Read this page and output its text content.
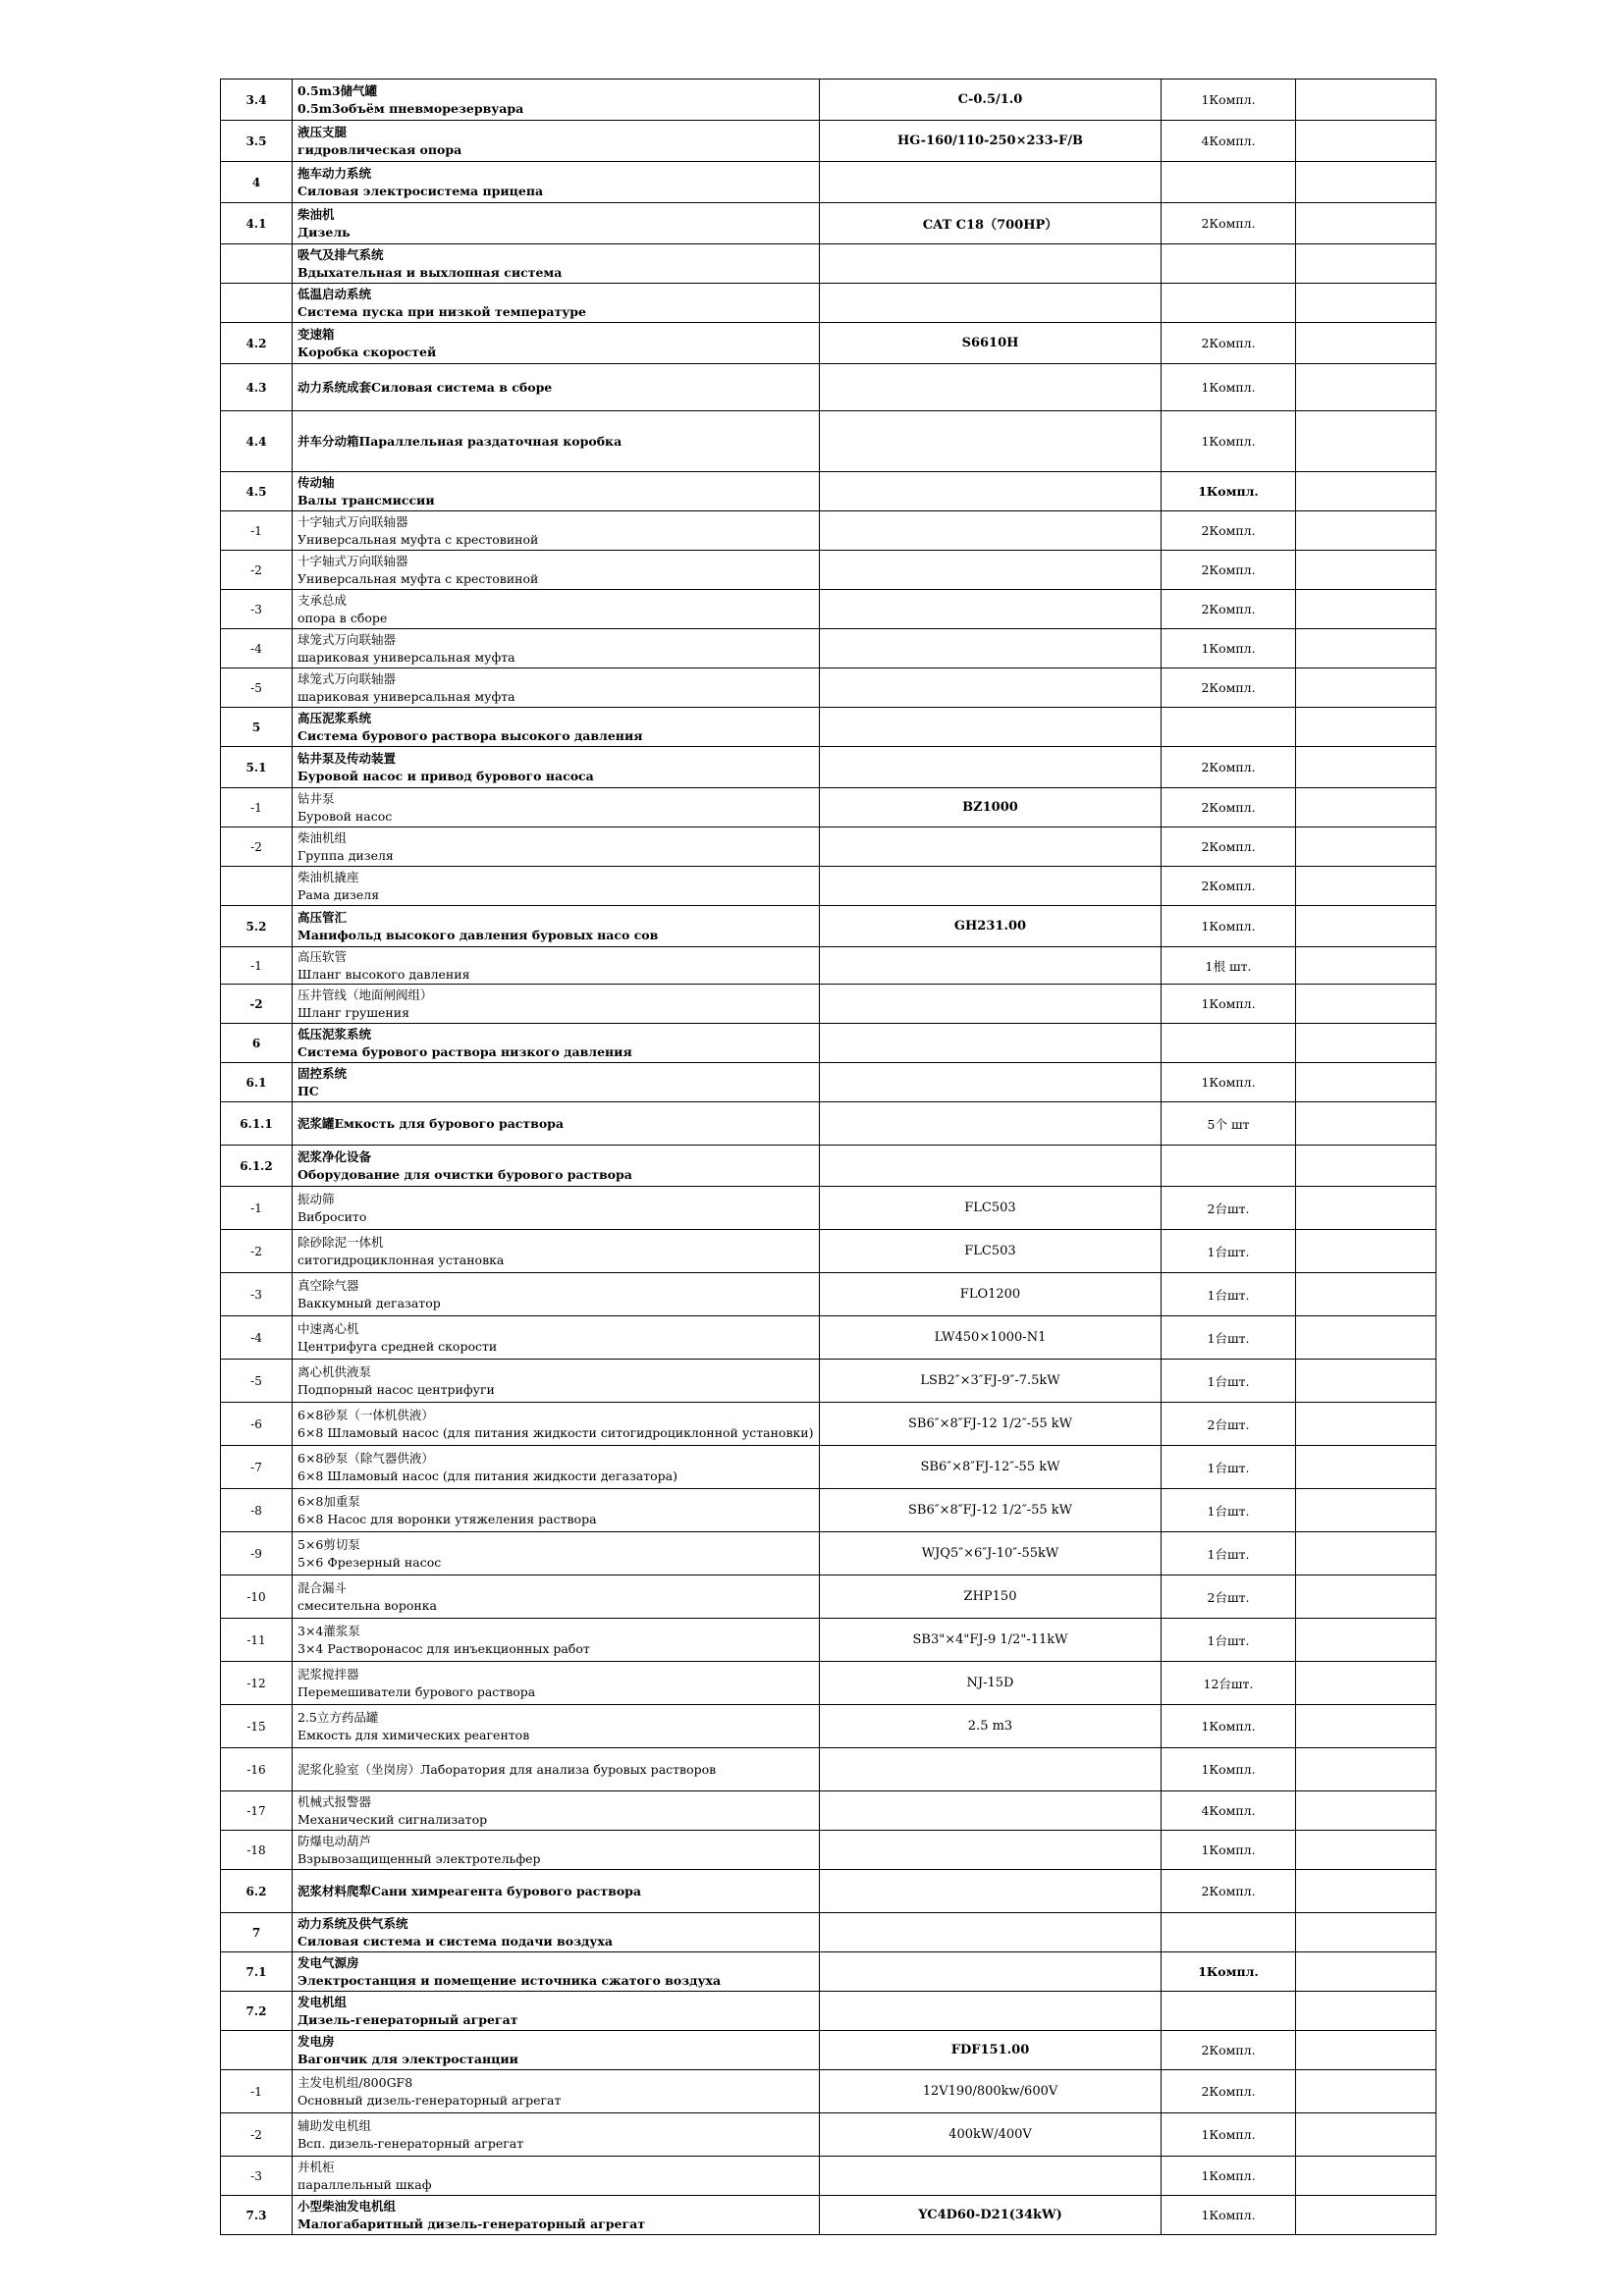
3.4	0.5m3储气罐
0.5m3объём пневморезервуара	C-0.5/1.0	1Компл.	
3.5	液压支腿
гидровлическая опора	HG-160/110-250×233-F/B	4Компл.	
4	拖车动力系统
Силовая электросистема прицепа			

4.1	柴油机
Дизель	CAT C18（700HP）	2Компл.	

	吸气及排气系统
Вдыхательная и выхлопная система			

	低温启动系统
Система пуска при низкой температуре			

4.2	变速箱
Коробка скоростей	S6610H	2Компл.	
4.3	动力系统成套Силовая система в сборе		1Компл.	
4.4	并车分动箱Параллельная раздаточная коробка		1Компл.	
4.5	传动轴
Валы трансмиссии		1Компл.	
-1	十字轴式万向联轴器
Универсальная муфта с крестовиной		2Компл.	
-2	十字轴式万向联轴器
Универсальная муфта с крестовиной		2Компл.	
-3	支承总成
опора в сборе		2Компл.	
-4	球笼式万向联轴器
шариковая универсальная муфта		1Компл.	
-5	球笼式万向联轴器
шариковая универсальная муфта		2Компл.	
5	高压泥浆系统
Система бурового раствора высокого давления			

5.1	钻井泵及传动装置
Буровой насос и привод бурового насоса		2Компл.	
-1	钻井泵
Буровой насос	BZ1000	2Компл.	
-2	柴油机组
Группа дизеля		2Компл.	

	柴油机撬座
Рама дизеля		2Компл.	
5.2	高压管汇
Манифольд высокого давления буровых насо сов	GH231.00	1Компл.	
-1	高压软管
Шланг высокого давления		1根 шт.	
-2	压井管线（地面闸阀组）
Шланг грушения		1Компл.	
6	低压泥浆系统
Система бурового раствора низкого давления			

6.1	固控系统
ПС		1Компл.	
6.1.1	泥浆罐Емкость для бурового раствора		5个 шт	
6.1.2	泥浆净化设备
Оборудование для очистки бурового раствора			

-1	振动筛
Вибросито	FLC503	2台шт.	
-2	除砂除泥一体机
ситогидроциклонная установка	FLC503	1台шт.	
-3	真空除气器
Ваккумный дегазатор	FLO1200	1台шт.	
-4	中速离心机
Центрифуга средней скорости	LW450×1000-N1	1台шт.	
-5	离心机供液泵
Подпорный насос центрифуги	LSB2″×3″FJ-9″-7.5kW	1台шт.	
-6	6×8砂泵（一体机供液）
6×8 Шламовый насос (для питания жидкости ситогидроциклонной установки)	SB6″×8″FJ-12 1/2″-55 kW	2台шт.	
-7	6×8砂泵（除气器供液）
6×8 Шламовый насос (для питания жидкости дегазатора)	SB6″×8″FJ-12″-55 kW	1台шт.	
-8	6×8加重泵
6×8 Насос для воронки утяжеления раствора	SB6″×8″FJ-12 1/2″-55 kW	1台шт.	
-9	5×6剪切泵
5×6 Фрезерный насос	WJQ5″×6″J-10″-55kW	1台шт.	
-10	混合漏斗
смесительна воронка	ZHP150	2台шт.	
-11	3×4灌浆泵
3×4 Растворонасос для инъекционных работ	SB3"×4"FJ-9 1/2"-11kW	1台шт.	
-12	泥浆搅拌器
Перемешиватели бурового раствора	NJ-15D	12台шт.	
-15	2.5立方药品罐
Емкость для химических реагентов	2.5 m3	1Компл.	
-16	泥浆化验室（坐岗房）Лаборатория для анализа буровых растворов		1Компл.	
-17	机械式报警器
Механический сигнализатор		4Компл.	
-18	防爆电动葫芦
Взрывозащищенный электротельфер		1Компл.	
6.2	泥浆材料爬犁Сани химреагента бурового раствора		2Компл.	
7	动力系统及供气系统
Силовая система и система подачи воздуха			

7.1	发电气源房
Электростанция и помещение источника сжатого воздуха		1Компл.	
7.2	发电机组
Дизель-генераторный агрегат			

	发电房
Вагончик для электростанции	FDF151.00	2Компл.	
-1	主发电机组/800GF8
Основный дизель-генераторный агрегат	12V190/800kw/600V	2Компл.	
-2	辅助发电机组
Всп. дизель-генераторный агрегат	400kW/400V	1Компл.	
-3	并机柜
параллельный шкаф		1Компл.	
7.3	小型柴油发电机组
Малогабаритный дизель-генераторный агрегат	YC4D60-D21(34kW)	1Компл.	
